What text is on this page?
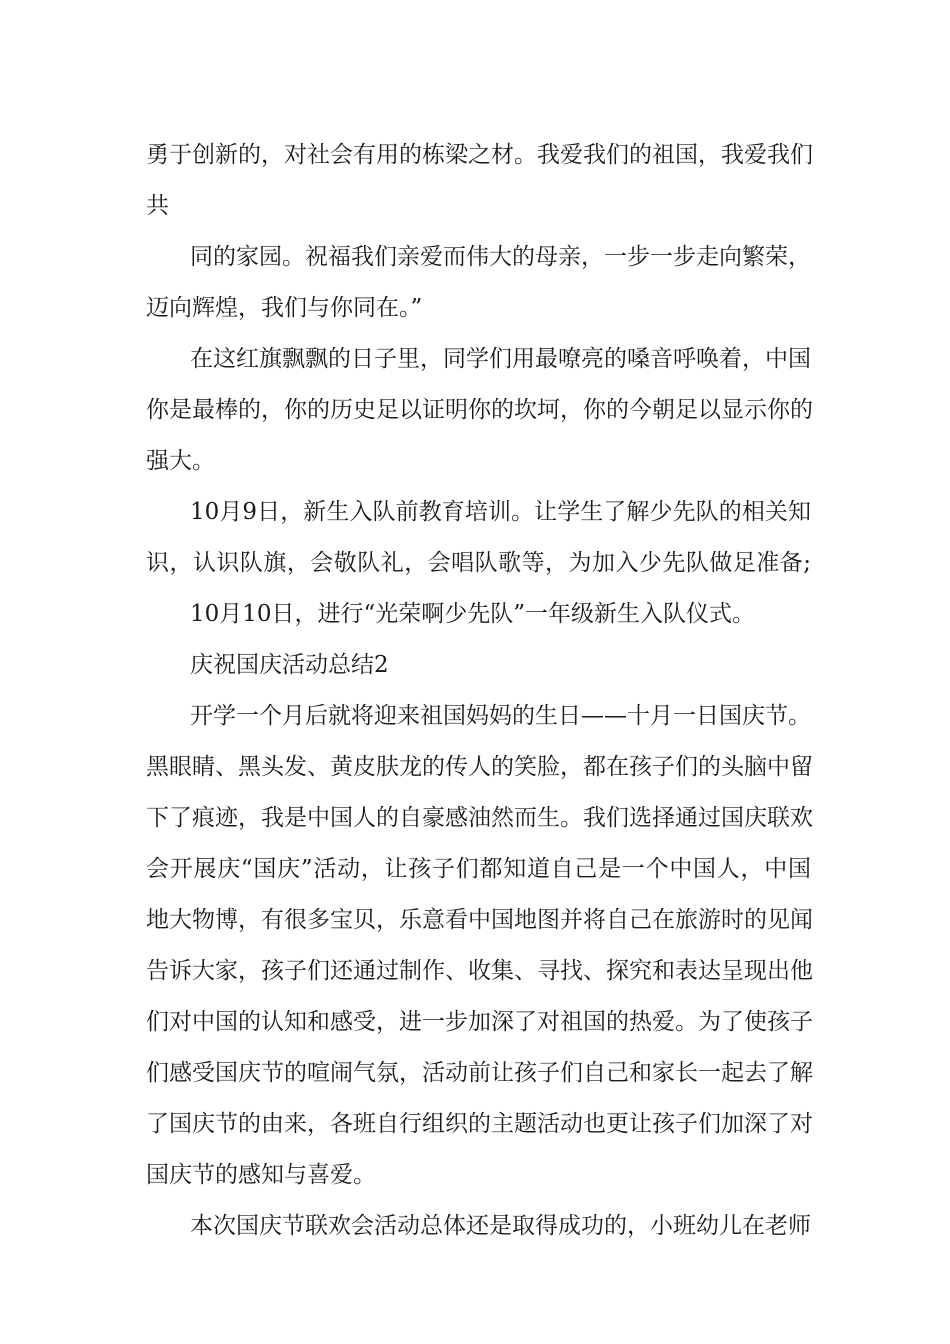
勇于创新的，对社会有用的栋梁之材。我爱我们的祖国，我爱我们

共

同的家园。祝福我们亲爱而伟大的母亲，一步一步走向繁荣，

迈向辉煌，我们与你同在。”

在这红旗飘飘的日子里，同学们用最嘹亮的嗓音呼唤着，中国

你是最棒的，你的历史足以证明你的坎坷，你的今朝足以显示你的

强大。

10月9日，新生入队前教育培训。让学生了解少先队的相关知

识，认识队旗，会敬队礼，会唱队歌等，为加入少先队做足准备;

10月10日，进行“光荣啊少先队”一年级新生入队仪式。

庆祝国庆活动总结2

开学一个月后就将迎来祖国妈妈的生日——十月一日国庆节。

黑眼睛、黑头发、黄皮肤龙的传人的笑脸，都在孩子们的头脑中留

下了痕迹，我是中国人的自豪感油然而生。我们选择通过国庆联欢

会开展庆“国庆”活动，让孩子们都知道自己是一个中国人，中国

地大物博，有很多宝贝，乐意看中国地图并将自己在旅游时的见闻

告诉大家，孩子们还通过制作、收集、寻找、探究和表达呈现出他

们对中国的认知和感受，进一步加深了对祖国的热爱。为了使孩子

们感受国庆节的喧闹气氛，活动前让孩子们自己和家长一起去了解

了国庆节的由来，各班自行组织的主题活动也更让孩子们加深了对

国庆节的感知与喜爱。

本次国庆节联欢会活动总体还是取得成功的，小班幼儿在老师
